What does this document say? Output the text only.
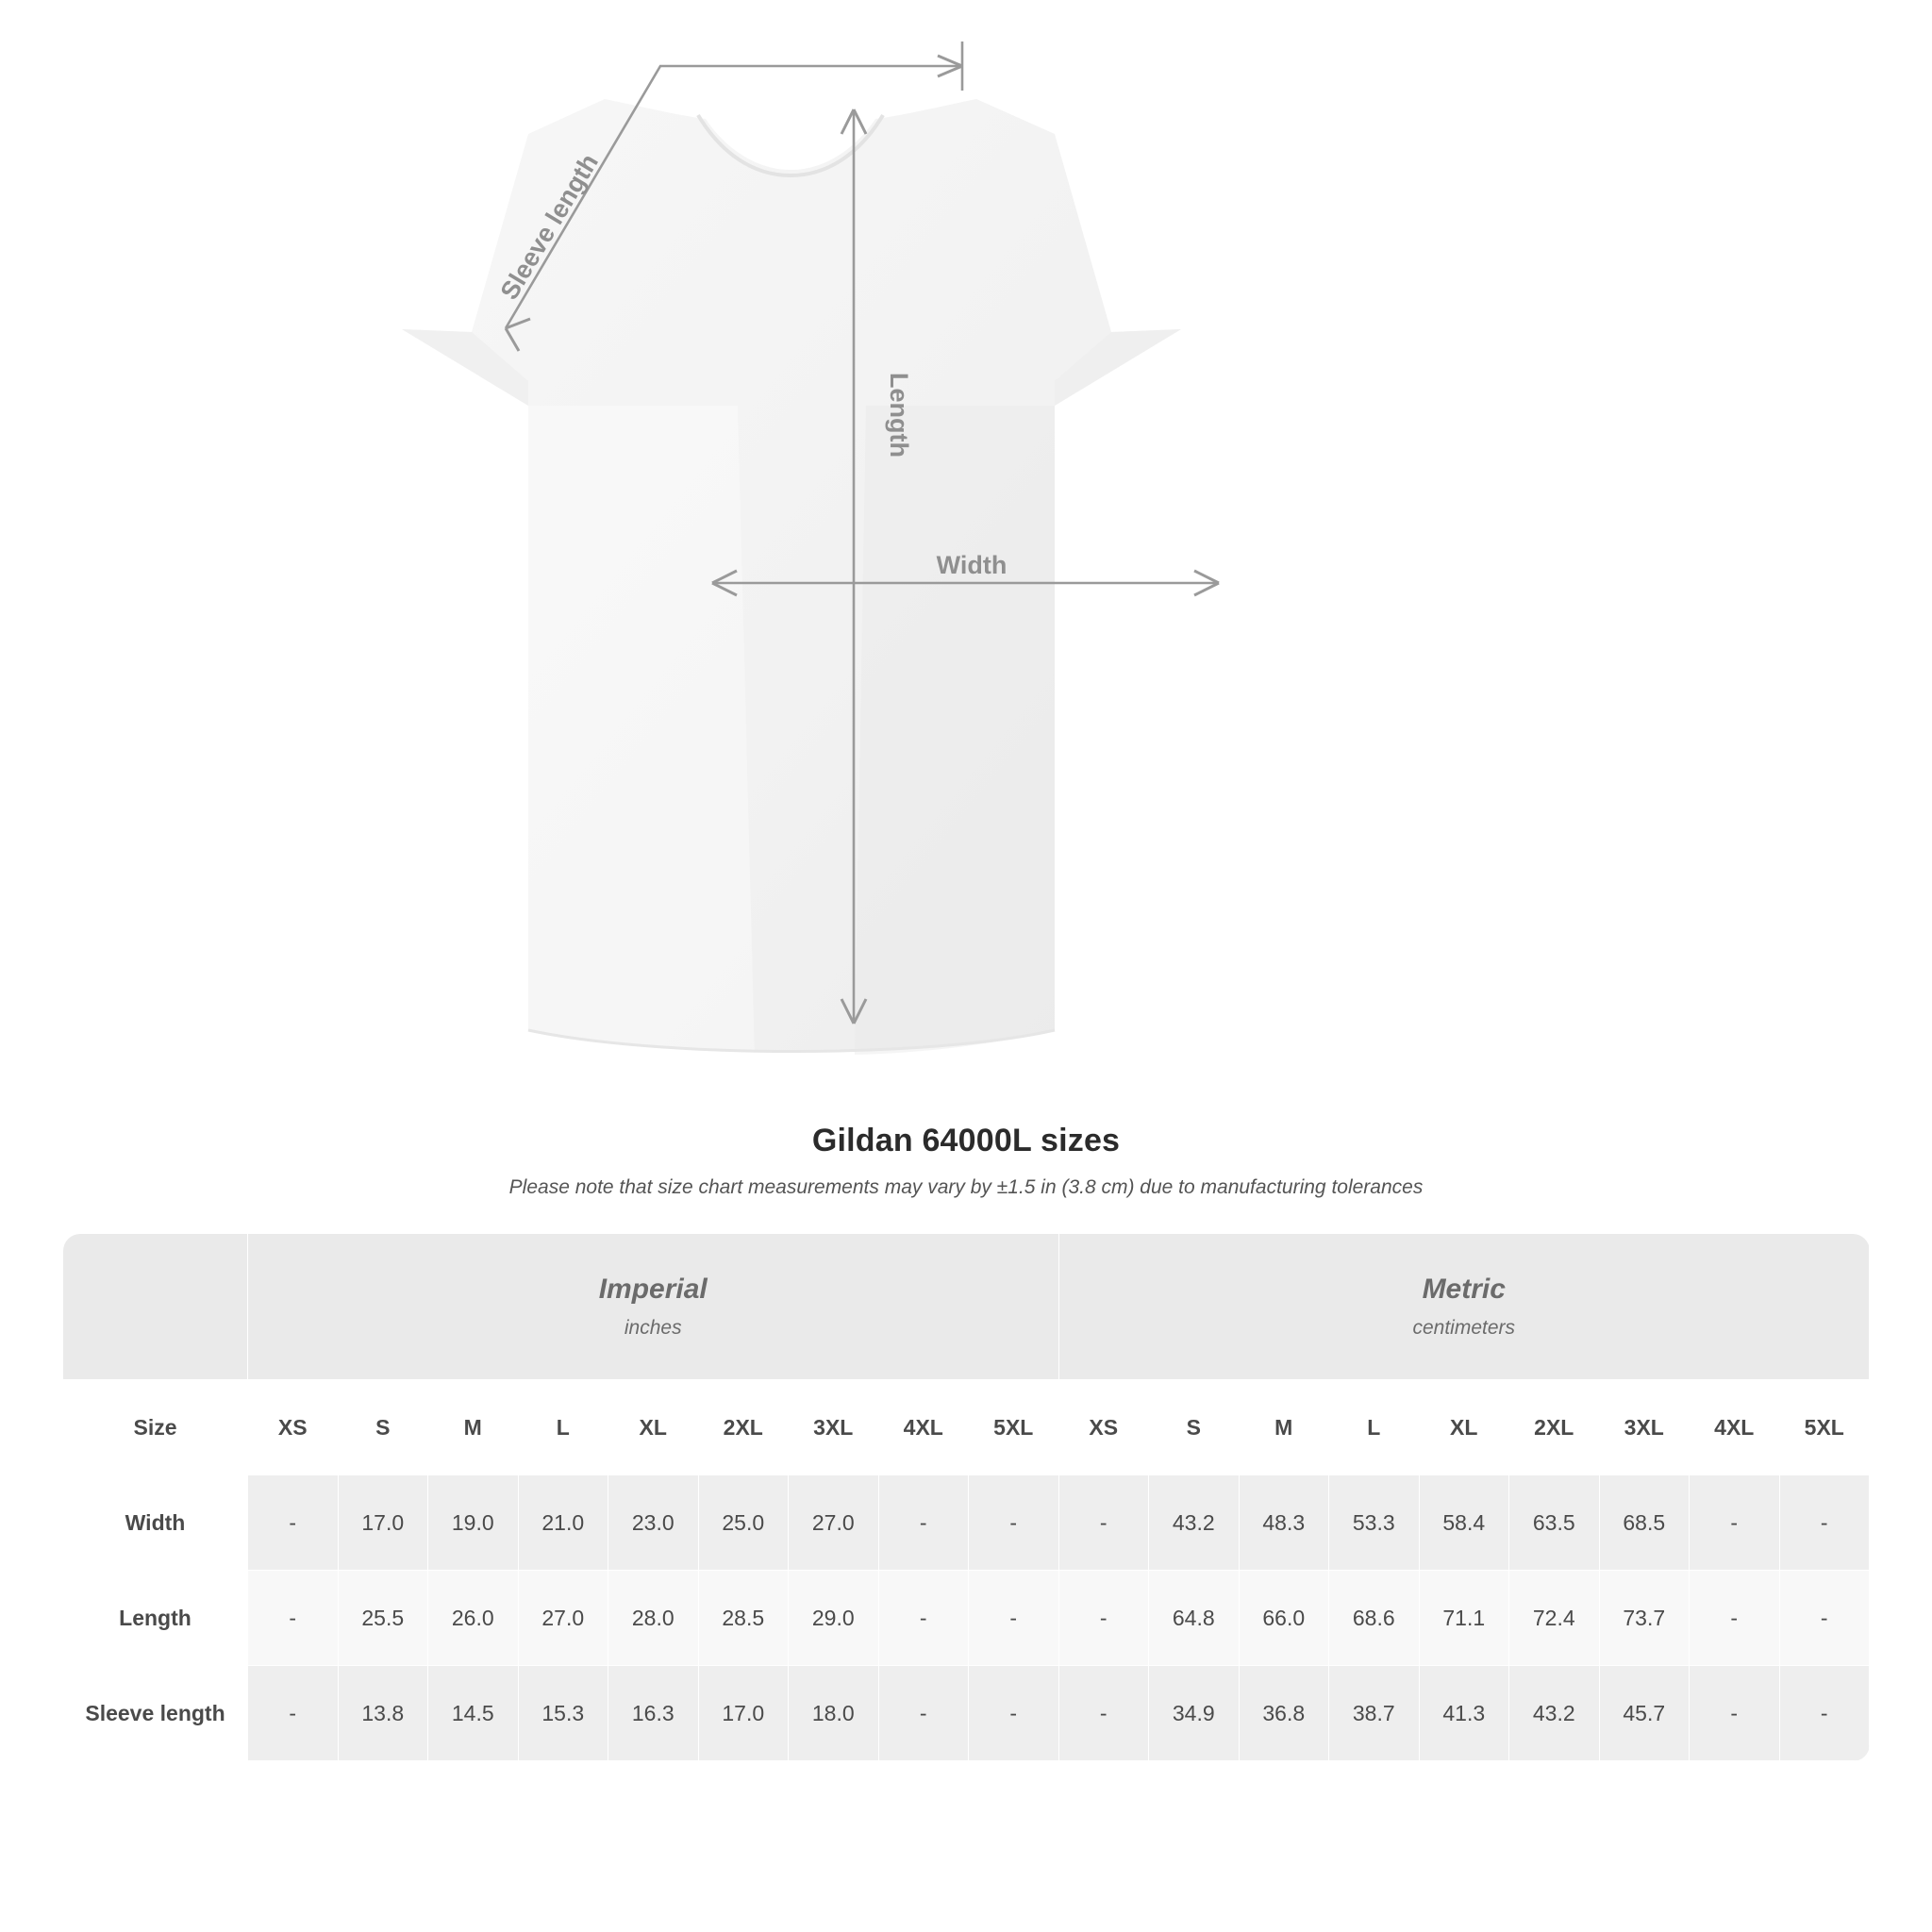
Sleeve length
Length
Width
Gildan 64000L sizes
Please note that size chart measurements may vary by ±1.5 in (3.8 cm) due to manufacturing tolerances

Imperial
inches

Metric
centimeters

Size	XS	S	M	L	XL	2XL	3XL	4XL	5XL	XS	S	M	L	XL	2XL	3XL	4XL	5XL
Width	-	17.0	19.0	21.0	23.0	25.0	27.0	-	-	-	43.2	48.3	53.3	58.4	63.5	68.5	-	-
Length	-	25.5	26.0	27.0	28.0	28.5	29.0	-	-	-	64.8	66.0	68.6	71.1	72.4	73.7	-	-
Sleeve length	-	13.8	14.5	15.3	16.3	17.0	18.0	-	-	-	34.9	36.8	38.7	41.3	43.2	45.7	-	-
